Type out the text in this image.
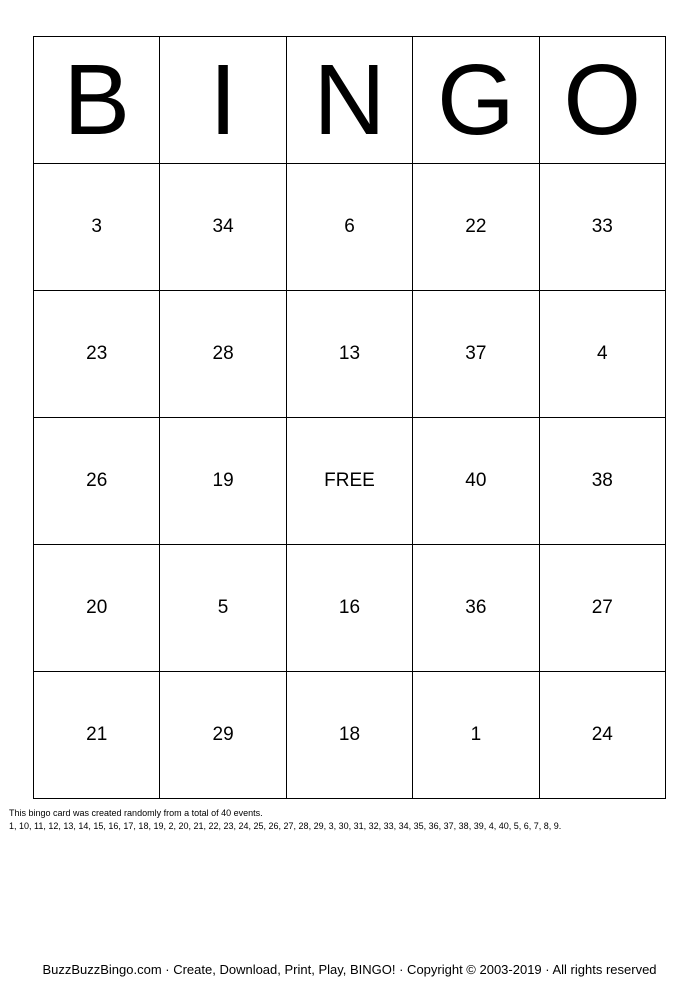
B	I	N	G	O
3	34	6	22	33
23	28	13	37	4
26	19	FREE	40	38
20	5	16	36	27
21	29	18	1	24
This bingo card was created randomly from a total of 40 events.
1, 10, 11, 12, 13, 14, 15, 16, 17, 18, 19, 2, 20, 21, 22, 23, 24, 25, 26, 27, 28, 29, 3, 30, 31, 32, 33, 34, 35, 36, 37, 38, 39, 4, 40, 5, 6, 7, 8, 9.
BuzzBuzzBingo.com · Create, Download, Print, Play, BINGO! · Copyright © 2003-2019 · All rights reserved
